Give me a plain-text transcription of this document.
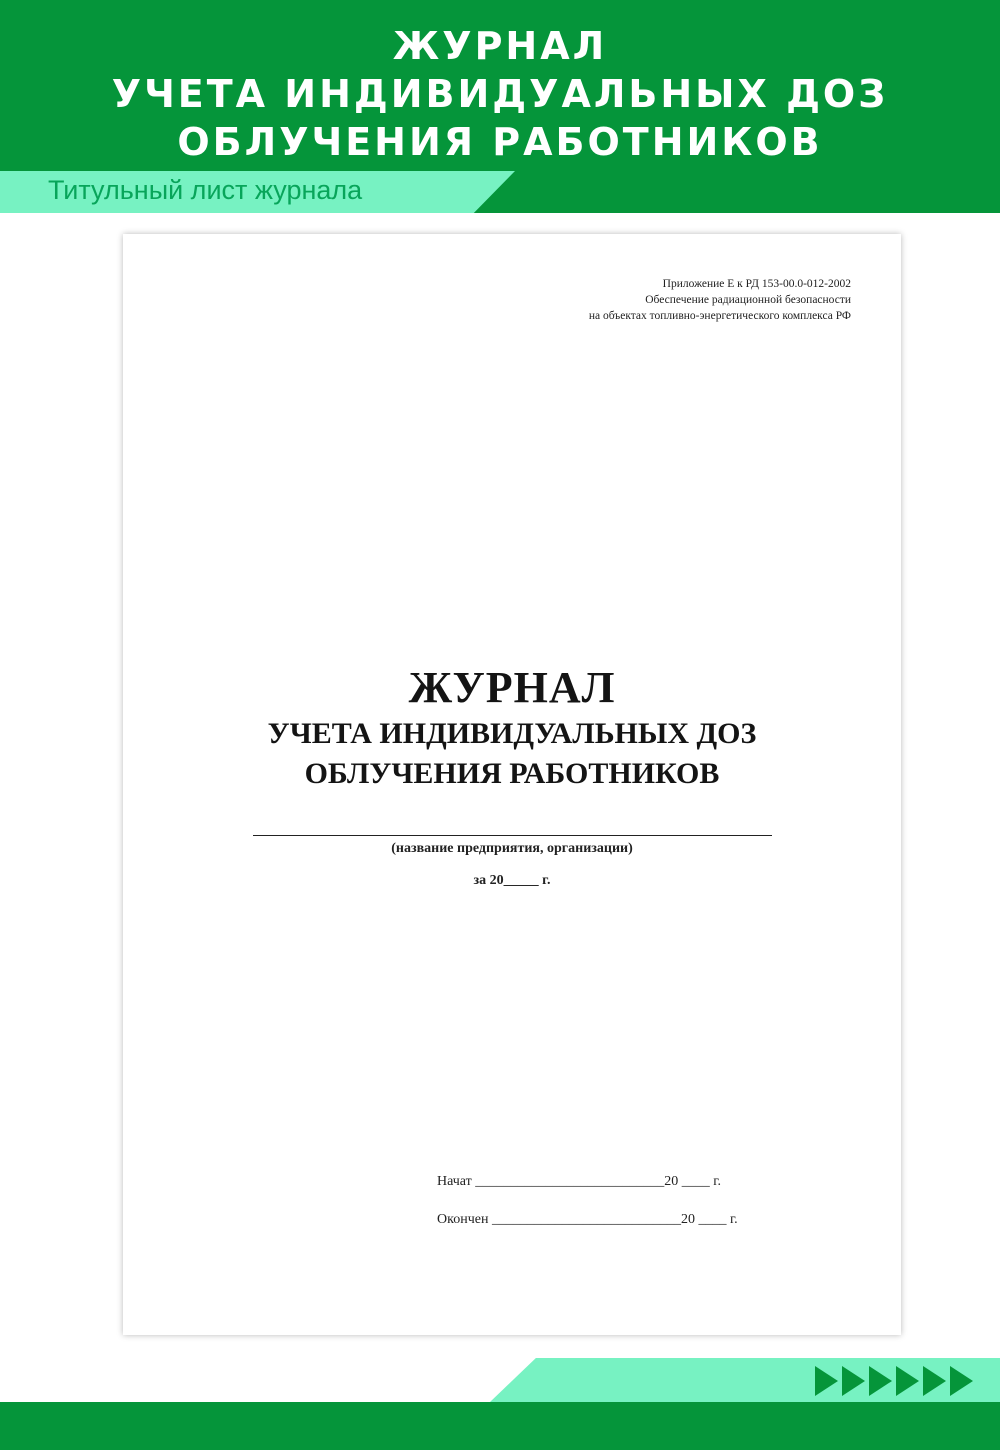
ЖУРНАЛ
УЧЕТА ИНДИВИДУАЛЬНЫХ ДОЗ
ОБЛУЧЕНИЯ РАБОТНИКОВ
Титульный лист журнала
Приложение Е к РД 153-00.0-012-2002
Обеспечение радиационной безопасности
на объектах топливно-энергетического комплекса РФ
ЖУРНАЛ
УЧЕТА ИНДИВИДУАЛЬНЫХ ДОЗ
ОБЛУЧЕНИЯ РАБОТНИКОВ
(название предприятия, организации)
за 20_____ г.
Начат ___________________________20 ____ г.
Окончен ___________________________20 ____ г.
